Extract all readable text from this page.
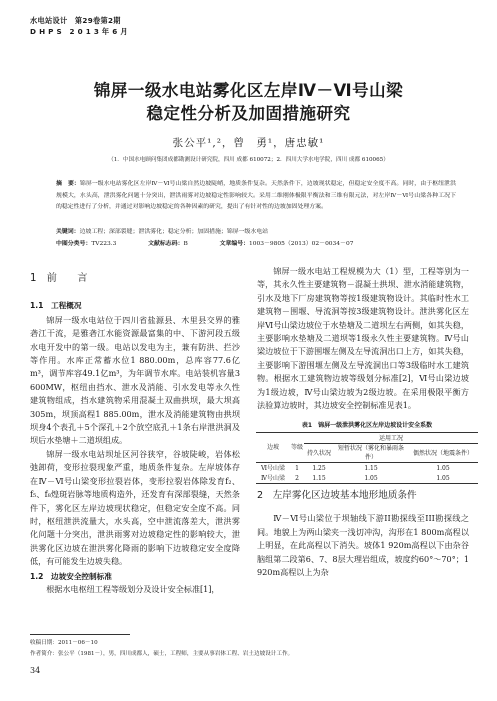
水电站设计　第29卷第2期
D H P S　2 0 1 3 年 6 月
锦屏一级水电站雾化区左岸Ⅳ－Ⅵ号山梁
稳定性分析及加固措施研究
张公平¹,²，曾　勇¹，唐忠敏¹
（1．中国水电顾问集团成都勘测设计研究院，四川 成都 610072；2．四川大学水电学院，四川 成都 610065）
摘　要：锦屏一级水电站雾化区左岸Ⅳ－Ⅵ号山梁自然边坡陡峭，地质条件复杂。天然条件下，边坡现状稳定，但稳定安全度不高。同时，由于枢纽泄洪规模大，水头高，泄洪雾化问题十分突出，泄洪雨雾对边坡稳定性影响较大。采用二维刚体极限平衡法和三维有限元法，对左岸Ⅳ－Ⅵ号山梁各种工况下的稳定性进行了分析，并通过对影响边坡稳定的各种因素的研究，提出了有针对性的边坡加固处理方案。
关键词：边坡工程；深部裂缝；泄洪雾化；稳定分析；加固措施；锦屏一级水电站
中图分类号：TV223.3	文献标志码：B	文章编号：1003－9805（2013）02－0034－07
1　前　　言
1.1　工程概况

锦屏一级水电站位于四川省盐源县、木里县交界的雅砻江干流，是雅砻江水能资源最富集的中、下游河段五级水电开发中的第一级。电站以发电为主，兼有防洪、拦沙等作用。水库正常蓄水位1 880.00m，总库容77.6亿m³，调节库容49.1亿m³，为年调节水库。电站装机容量3 600MW，枢纽由挡水、泄水及消能、引水发电等永久性建筑物组成，挡水建筑物采用混凝土双曲拱坝，最大坝高305m，坝顶高程1 885.00m，泄水及消能建筑物由拱坝坝身4个表孔＋5个深孔＋2个放空底孔＋1条右岸泄洪洞及坝后水垫塘＋二道坝组成。

锦屏一级水电站坝址区河谷狭窄，谷坡陡峻，岩体松弛卸荷，变形拉裂现象严重，地质条件复杂。左岸坡体存在Ⅳ－Ⅵ号山梁变形拉裂岩体，变形拉裂岩体除发育f₂、f₅、f₈煌斑岩脉等地质构造外，还发育有深部裂缝，天然条件下，雾化区左岸边坡现状稳定，但稳定安全度不高。同时，枢纽泄洪流量大，水头高，空中泄流落差大，泄洪雾化问题十分突出，泄洪雨雾对边坡稳定性的影响较大，泄洪雾化区边坡在泄洪雾化降雨的影响下边坡稳定安全度降低，有可能发生边坡失稳。

1.2　边坡安全控制标准

根据水电枢纽工程等级划分及设计安全标准[1]，

锦屏一级水电站工程规模为大（1）型，工程等别为一等，其永久性主要建筑物－混凝土拱坝、泄水消能建筑物，引水及地下厂房建筑物等按1级建筑物设计。其临时性水工建筑物－围堰、导流洞等按3级建筑物设计。泄洪雾化区左岸Ⅵ号山梁边坡位于水垫塘及二道坝左右两侧，如其失稳，主要影响水垫塘及二道坝等1级永久性主要建筑物。Ⅳ号山梁边坡位于下游围堰左侧及左导流洞出口上方，如其失稳，主要影响下游围堰左侧及左导流洞出口等3级临时水工建筑物。根据水工建筑物边坡等级划分标准[2]，Ⅵ号山梁边坡为1级边坡，Ⅳ号山梁边坡为2级边坡。在采用极限平衡方法验算边坡时，其边坡安全控制标准见表1。

表1　锦屏一级泄洪雾化区左岸边坡设计安全系数
边坡	等级	运用工况		
		持久状况	短暂状况（雾化和暴雨条件）	偶然状况（地震条件）
Ⅵ号山梁	1	1.25	1.15	1.05
Ⅳ号山梁	2	1.15	1.05	1.05
2　左岸雾化区边坡基本地形地质条件

Ⅳ－Ⅵ号山梁位于坝轴线下游II勘探线至III勘探线之间。地貌上为两山梁夹一浅切冲沟，沟形在1 800m高程以上明显，在此高程以下消失。坡体1 920m高程以下由杂谷脑组第二段第6、7、8层大理岩组成，坡度约60°～70°；1 920m高程以上为杂

收稿日期：2011－06－10
作者简介：张公平（1981－），男，四川成都人，硕士，工程师，主要从事岩体工程、岩土边坡设计工作。
34
